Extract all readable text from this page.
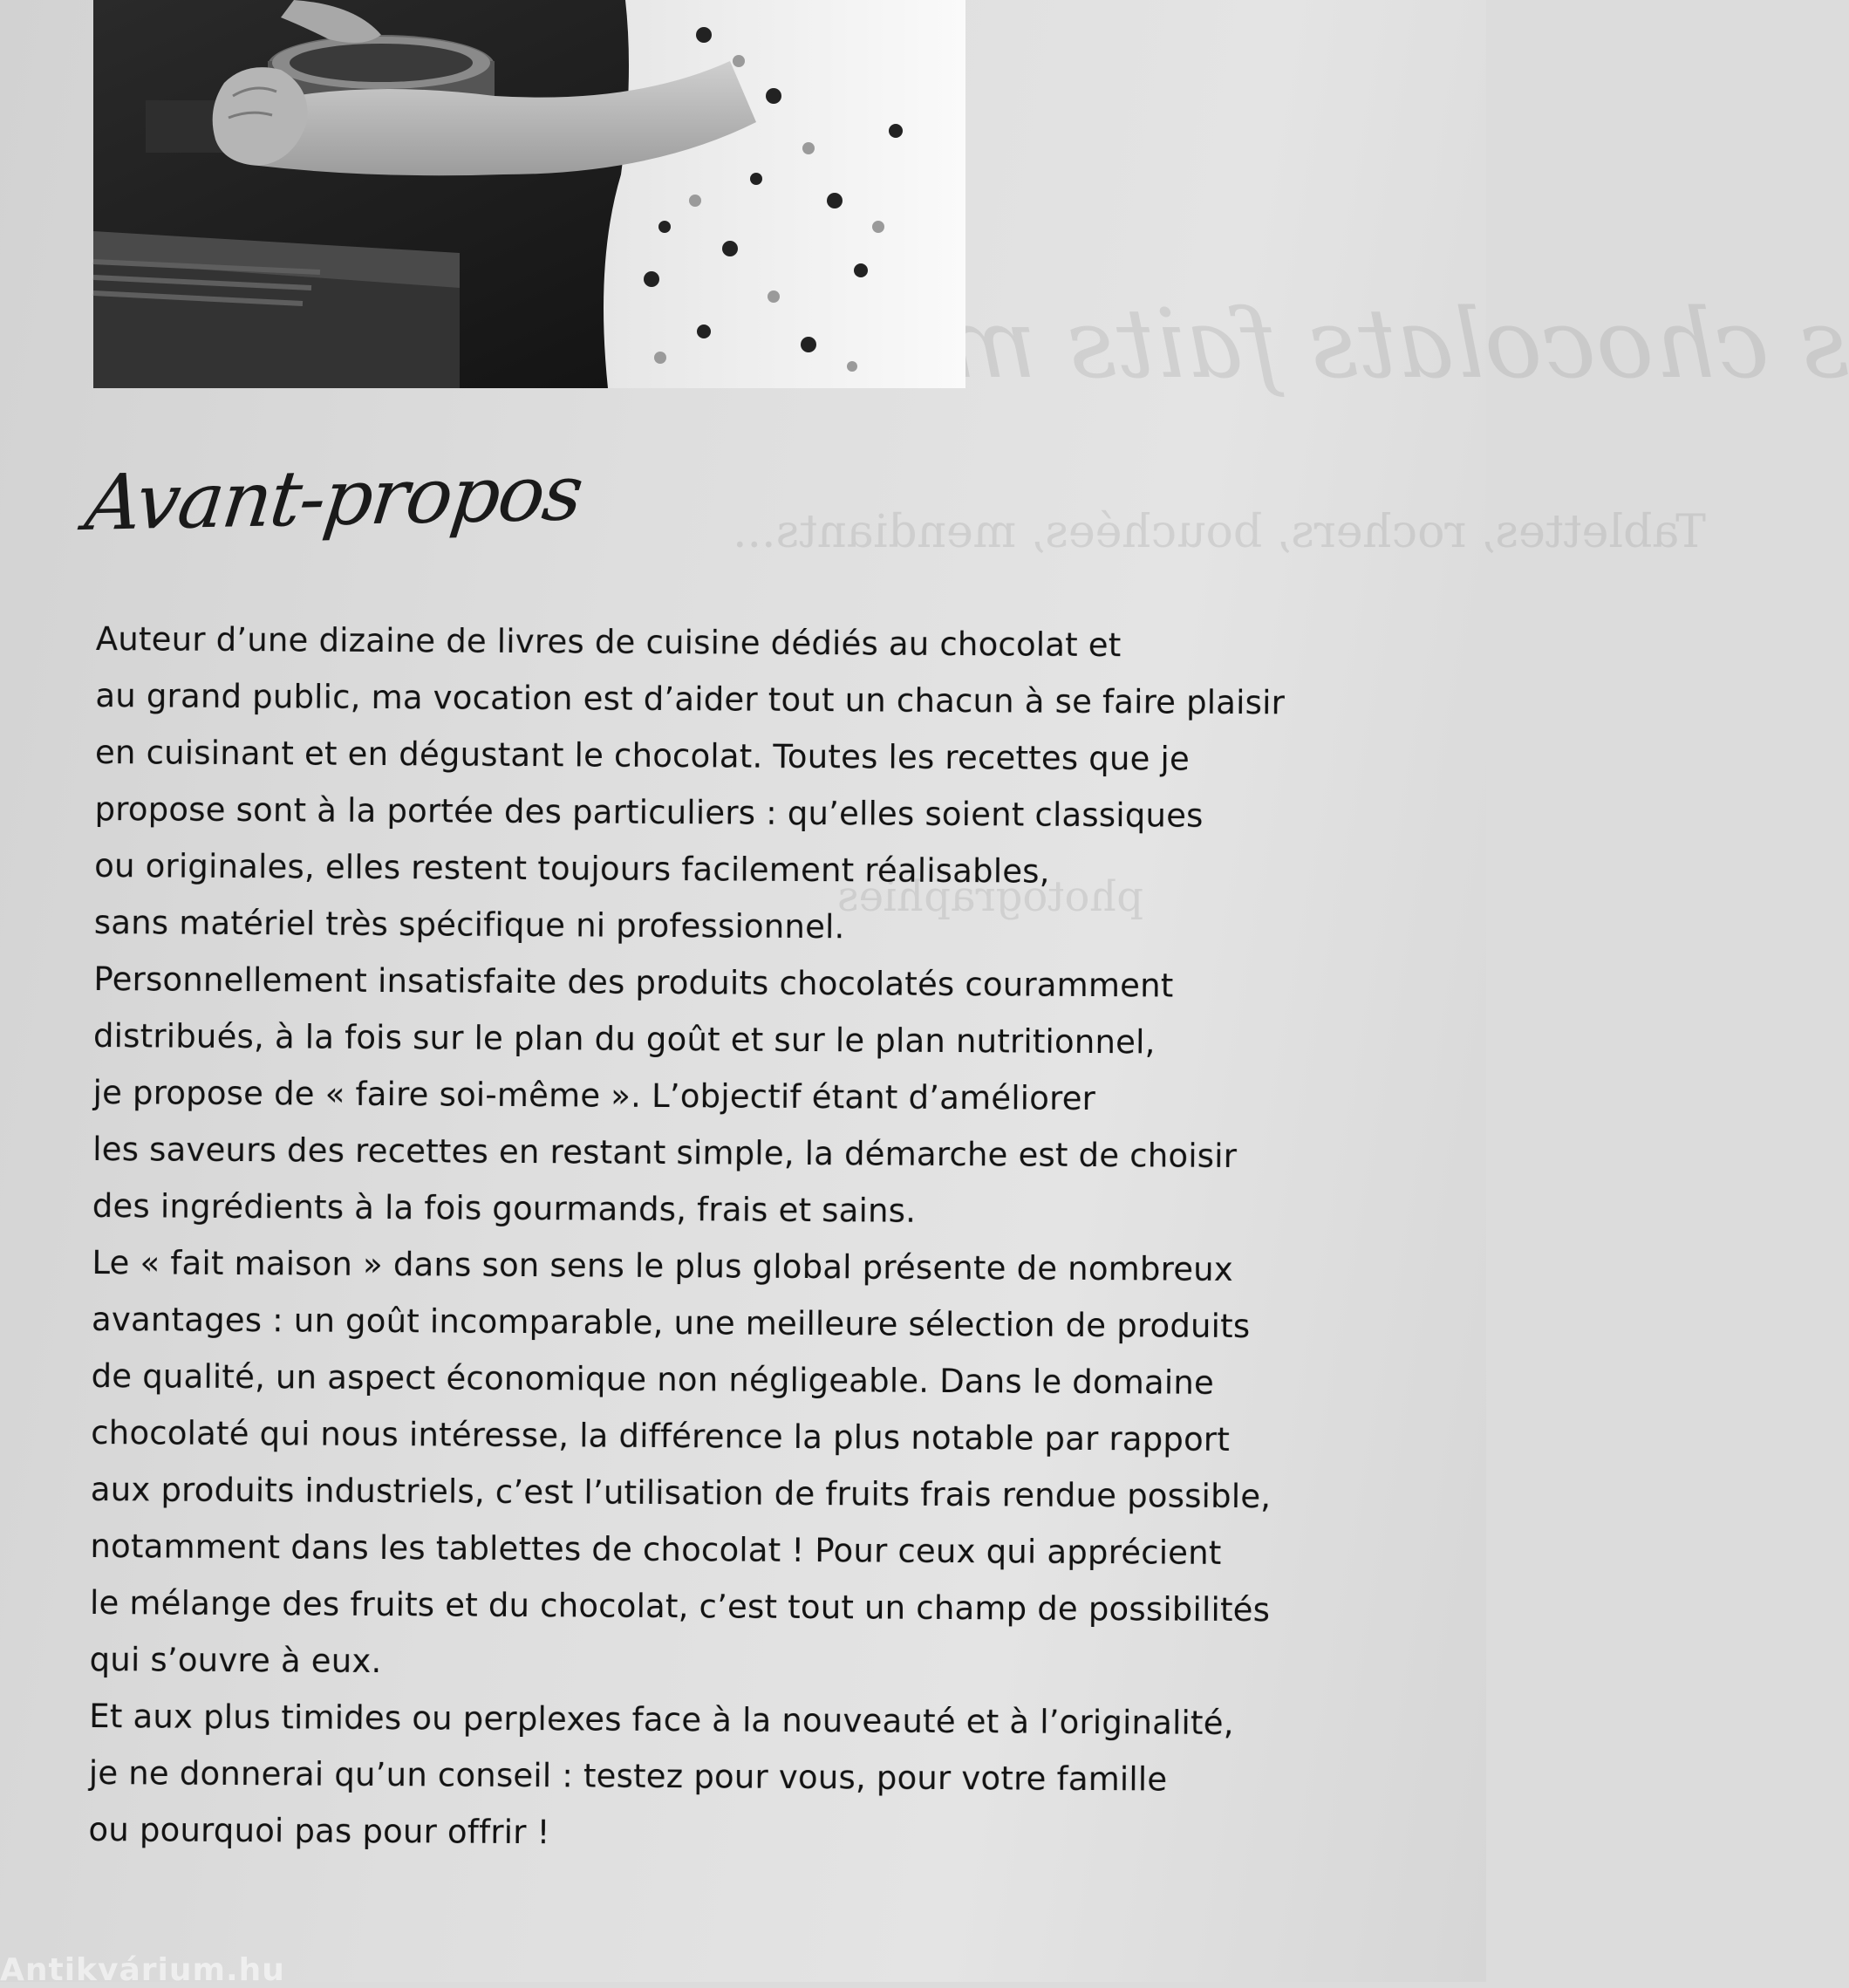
s chocolats faits maison
Tablettes, rochers, bouchées, mendiants...
photographies
Avant-propos
Auteur d’une dizaine de livres de cuisine dédiés au chocolat et
au grand public, ma vocation est d’aider tout un chacun à se faire plaisir
en cuisinant et en dégustant le chocolat. Toutes les recettes que je
propose sont à la portée des particuliers : qu’elles soient classiques
ou originales, elles restent toujours facilement réalisables,
sans matériel très spécifique ni professionnel.
Personnellement insatisfaite des produits chocolatés couramment
distribués, à la fois sur le plan du goût et sur le plan nutritionnel,
je propose de « faire soi-même ». L’objectif étant d’améliorer
les saveurs des recettes en restant simple, la démarche est de choisir
des ingrédients à la fois gourmands, frais et sains.
Le « fait maison » dans son sens le plus global présente de nombreux
avantages : un goût incomparable, une meilleure sélection de produits
de qualité, un aspect économique non négligeable. Dans le domaine
chocolaté qui nous intéresse, la différence la plus notable par rapport
aux produits industriels, c’est l’utilisation de fruits frais rendue possible,
notamment dans les tablettes de chocolat ! Pour ceux qui apprécient
le mélange des fruits et du chocolat, c’est tout un champ de possibilités
qui s’ouvre à eux.
Et aux plus timides ou perplexes face à la nouveauté et à l’originalité,
je ne donnerai qu’un conseil : testez pour vous, pour votre famille
ou pourquoi pas pour offrir !
Antikvárium.hu
